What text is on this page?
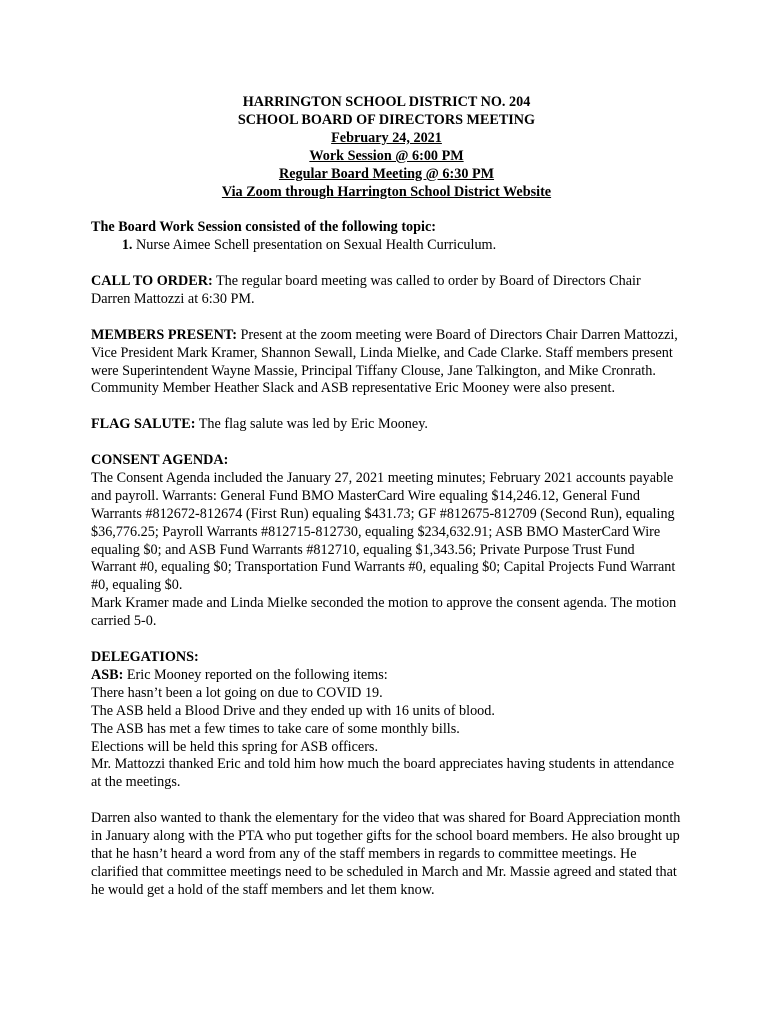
HARRINGTON SCHOOL DISTRICT NO. 204
SCHOOL BOARD OF DIRECTORS MEETING
February 24, 2021
Work Session @ 6:00 PM
Regular Board Meeting @ 6:30 PM
Via Zoom through Harrington School District Website

The Board Work Session consisted of the following topic:

1. Nurse Aimee Schell presentation on Sexual Health Curriculum.

CALL TO ORDER: The regular board meeting was called to order by Board of Directors Chair Darren Mattozzi at 6:30 PM.

MEMBERS PRESENT: Present at the zoom meeting were Board of Directors Chair Darren Mattozzi, Vice President Mark Kramer, Shannon Sewall, Linda Mielke, and Cade Clarke. Staff members present were Superintendent Wayne Massie, Principal Tiffany Clouse, Jane Talkington, and Mike Cronrath. Community Member Heather Slack and ASB representative Eric Mooney were also present.

FLAG SALUTE: The flag salute was led by Eric Mooney.

CONSENT AGENDA:

The Consent Agenda included the January 27, 2021 meeting minutes; February 2021 accounts payable and payroll. Warrants: General Fund BMO MasterCard Wire equaling $14,246.12, General Fund Warrants #812672-812674 (First Run) equaling $431.73; GF #812675-812709 (Second Run), equaling $36,776.25; Payroll Warrants #812715-812730, equaling $234,632.91; ASB BMO MasterCard Wire equaling $0; and ASB Fund Warrants #812710, equaling $1,343.56; Private Purpose Trust Fund Warrant #0, equaling $0; Transportation Fund Warrants #0, equaling $0; Capital Projects Fund Warrant #0, equaling $0.

Mark Kramer made and Linda Mielke seconded the motion to approve the consent agenda. The motion carried 5-0.

DELEGATIONS:

ASB: Eric Mooney reported on the following items:

There hasn’t been a lot going on due to COVID 19.

The ASB held a Blood Drive and they ended up with 16 units of blood.

The ASB has met a few times to take care of some monthly bills.

Elections will be held this spring for ASB officers.

Mr. Mattozzi thanked Eric and told him how much the board appreciates having students in attendance at the meetings.

Darren also wanted to thank the elementary for the video that was shared for Board Appreciation month in January along with the PTA who put together gifts for the school board members. He also brought up that he hasn’t heard a word from any of the staff members in regards to committee meetings. He clarified that committee meetings need to be scheduled in March and Mr. Massie agreed and stated that he would get a hold of the staff members and let them know.
